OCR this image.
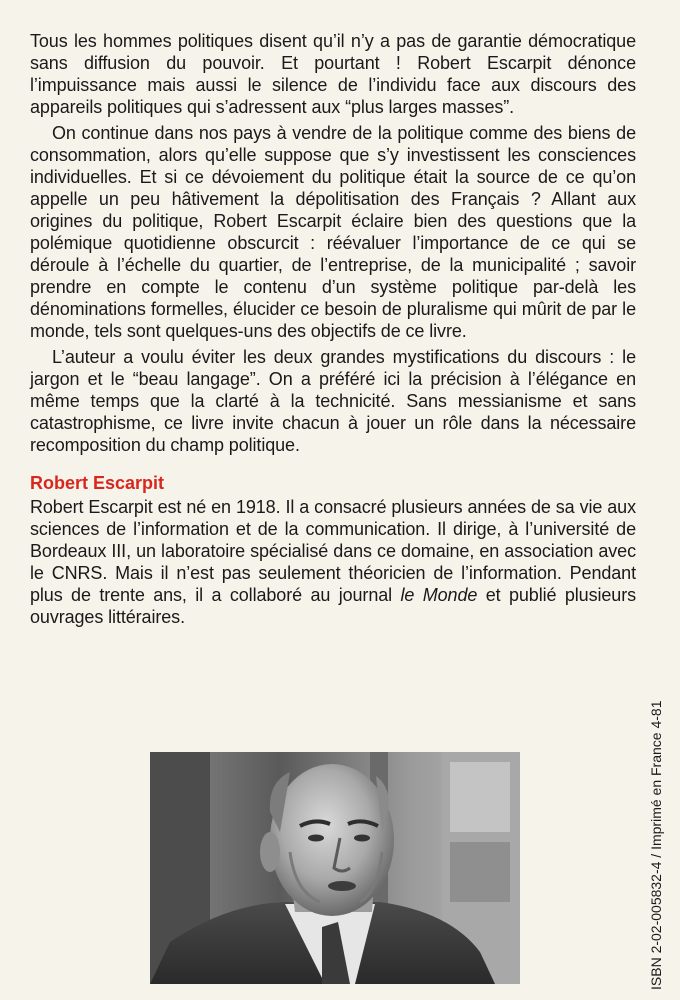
Tous les hommes politiques disent qu’il n’y a pas de garantie démocratique sans diffusion du pouvoir. Et pourtant ! Robert Escarpit dénonce l’impuissance mais aussi le silence de l’individu face aux discours des appareils politiques qui s’adressent aux “plus larges masses”.

On continue dans nos pays à vendre de la politique comme des biens de consommation, alors qu’elle suppose que s’y investissent les consciences individuelles. Et si ce dévoiement du politique était la source de ce qu’on appelle un peu hâtivement la dépolitisation des Français ? Allant aux origines du politique, Robert Escarpit éclaire bien des questions que la polémique quotidienne obscurcit : réévaluer l’importance de ce qui se déroule à l’échelle du quartier, de l’entreprise, de la municipalité ; savoir prendre en compte le contenu d’un système politique par-delà les dénominations formelles, élucider ce besoin de pluralisme qui mûrit de par le monde, tels sont quelques-uns des objectifs de ce livre.

L’auteur a voulu éviter les deux grandes mystifications du discours : le jargon et le “beau langage”. On a préféré ici la précision à l’élégance en même temps que la clarté à la technicité. Sans messianisme et sans catastrophisme, ce livre invite chacun à jouer un rôle dans la nécessaire recomposition du champ politique.

Robert Escarpit

Robert Escarpit est né en 1918. Il a consacré plusieurs années de sa vie aux sciences de l’information et de la communication. Il dirige, à l’université de Bordeaux III, un laboratoire spécialisé dans ce domaine, en association avec le CNRS. Mais il n’est pas seulement théoricien de l’information. Pendant plus de trente ans, il a collaboré au journal le Monde et publié plusieurs ouvrages littéraires.

ISBN 2-02-005832-4 / Imprimé en France 4-81
